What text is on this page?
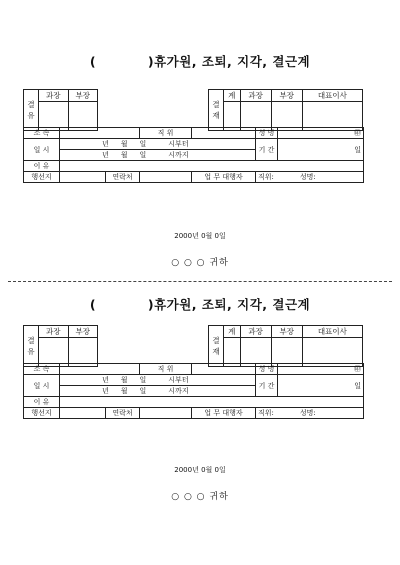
(	)휴가원, 조퇴, 지각, 결근계
결 유	과장	부장

결 재	계	과장	부장	대표이사

소 속			직 위		성 명	㊞
일 시	년 월 일 시부터				기 간	일
	년 월 일 시까지					
이 유						
행선지		연락처		업 무 대행자	직위: 성명:	
2000년 0월 0일
○ ○ ○ 귀하
(	)휴가원, 조퇴, 지각, 결근계
결 유	과장	부장

결 재	계	과장	부장	대표이사

소 속			직 위		성 명	㊞
일 시	년 월 일 시부터				기 간	일
	년 월 일 시까지					
이 유						
행선지		연락처		업 무 대행자	직위: 성명:	
2000년 0월 0일
○ ○ ○ 귀하
